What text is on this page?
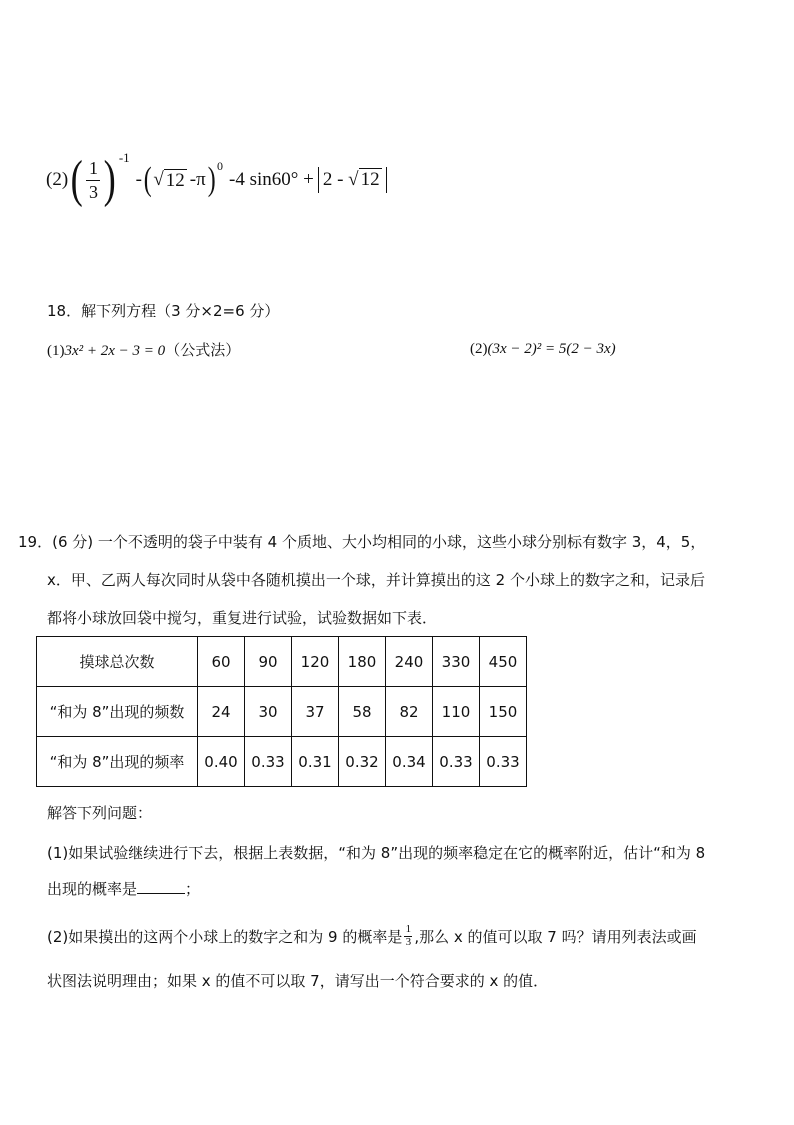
(2) ( $\frac{1}{3}$ ) -1
- ( √ 12 -π ) 0
-4 sin60° + 2 - √ 12
18．解下列方程（3 分×2=6 分）
(1)3x² + 2x − 3 = 0（公式法）	(2)(3x − 2)² = 5(2 − 3x)
19．(6 分) 一个不透明的袋子中装有 4 个质地、大小均相同的小球，这些小球分别标有数字 3，4，5，
x．甲、乙两人每次同时从袋中各随机摸出一个球，并计算摸出的这 2 个小球上的数字之和，记录后
都将小球放回袋中搅匀，重复进行试验，试验数据如下表．
摸球总次数	60	90	120	180	240	330	450
“和为 8”出现的频数	24	30	37	58	82	110	150
“和为 8”出现的频率	0.40	0.33	0.31	0.32	0.34	0.33	0.33
解答下列问题：
(1)如果试验继续进行下去，根据上表数据，“和为 8”出现的频率稳定在它的概率附近，估计“和为 8
出现的概率是	；
(2)如果摸出的这两个小球上的数字之和为 9 的概率是 1
3 ,那么 x 的值可以取 7 吗？请用列表法或画
状图法说明理由；如果 x 的值不可以取 7，请写出一个符合要求的 x 的值．
